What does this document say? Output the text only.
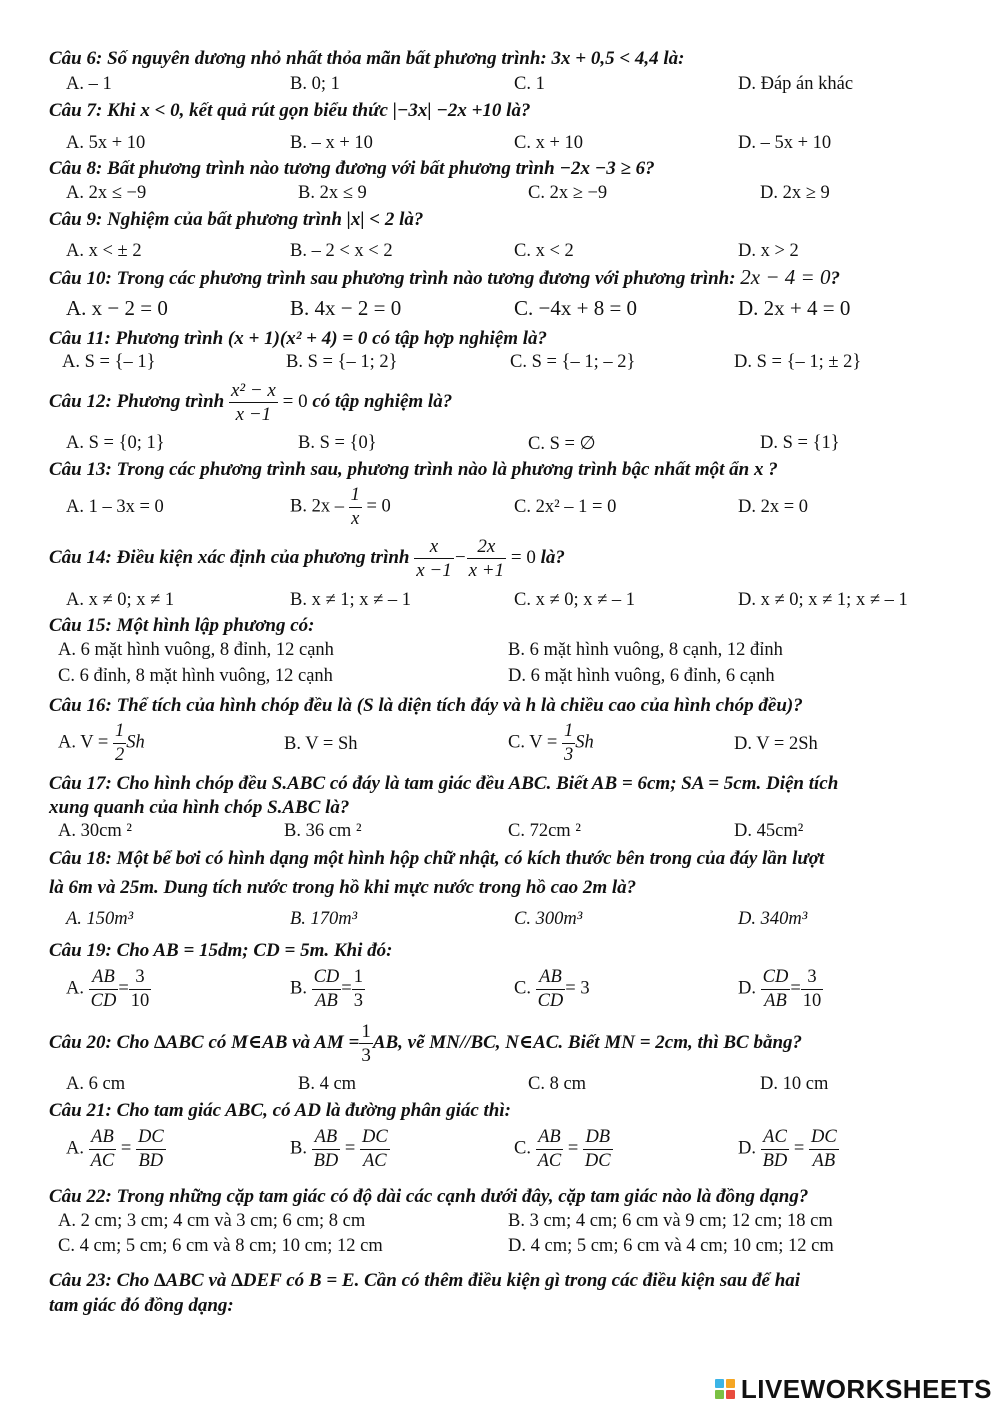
Câu 6: Số nguyên dương nhỏ nhất thỏa mãn bất phương trình: 3x + 0,5 < 4,4 là:
A. – 1	B. 0; 1	C. 1	D. Đáp án khác
Câu 7: Khi x < 0, kết quả rút gọn biểu thức |−3x| −2x +10 là?
A. 5x + 10	B. – x + 10	C. x + 10	D. – 5x + 10
Câu 8: Bất phương trình nào tương đương với bất phương trình −2x −3 ≥ 6?
A. 2x ≤ −9	B. 2x ≤ 9	C. 2x ≥ −9	D. 2x ≥ 9
Câu 9: Nghiệm của bất phương trình |x| < 2 là?
A. x < ± 2	B. – 2 < x < 2	C. x < 2	D. x > 2
Câu 10: Trong các phương trình sau phương trình nào tương đương với phương trình: 2x − 4 = 0?
A. x − 2 = 0	B. 4x − 2 = 0	C. −4x + 8 = 0	D. 2x + 4 = 0
Câu 11: Phương trình (x + 1)(x² + 4) = 0 có tập hợp nghiệm là?
A. S = {– 1}	B. S = {– 1; 2}	C. S = {– 1; – 2}	D. S = {– 1; ± 2}
Câu 12: Phương trình $\frac{\text{x² − x}}{x -1} = 0$ có tập nghiệm là?
A. S = {0; 1}	B. S = {0}	C. S = ∅	D. S = {1}
Câu 13: Trong các phương trình sau, phương trình nào là phương trình bậc nhất một ẩn x ?
A. 1 – 3x = 0	B. $2x - \frac{1}{x} = 0$	C. 2x² – 1 = 0	D. 2x = 0
Câu 14: Điều kiện xác định của phương trình $\frac{x}{x -1} - \frac{2x}{x +1} = 0$ là?
A. x ≠ 0; x ≠ 1	B. x ≠ 1; x ≠ – 1	C. x ≠ 0; x ≠ – 1	D. x ≠ 0; x ≠ 1; x ≠ – 1
Câu 15: Một hình lập phương có:
A. 6 mặt hình vuông, 8 đỉnh, 12 cạnh	B. 6 mặt hình vuông, 8 cạnh, 12 đỉnh
C. 6 đỉnh, 8 mặt hình vuông, 12 cạnh	D. 6 mặt hình vuông, 6 đỉnh, 6 cạnh
Câu 16: Thể tích của hình chóp đều là (S là diện tích đáy và h là chiều cao của hình chóp đều)?
A. $V = \frac{1}{2}$ Sh	B. V = Sh	C. $V = \frac{1}{3}$ Sh	D. V = 2Sh
Câu 17: Cho hình chóp đều S.ABC có đáy là tam giác đều ABC. Biết AB = 6cm; SA = 5cm. Diện tích
xung quanh của hình chóp S.ABC là?
A. 30cm ²	B. 36 cm ²	C. 72cm ²	D. 45cm²
Câu 18: Một bể bơi có hình dạng một hình hộp chữ nhật, có kích thước bên trong của đáy lần lượt
là 6m và 25m. Dung tích nước trong hồ khi mực nước trong hồ cao 2m là?
A. 150m³	B. 170m³	C. 300m³	D. 340m³
Câu 19: Cho AB = 15dm; CD = 5m. Khi đó:
A. $\frac{AB}{CD} = \frac{3}{10}$	B. $\frac{CD}{AB} = \frac{1}{3}$	C. $\frac{AB}{CD} = 3$	D. $\frac{CD}{AB} = \frac{3}{10}$
Câu 20: Cho ∆ABC có M∈AB và AM = $\frac{1}{3}$ AB, vẽ MN//BC, N∈AC. Biết MN = 2cm, thì BC bằng?
A. 6 cm	B. 4 cm	C. 8 cm	D. 10 cm
Câu 21: Cho tam giác ABC, có AD là đường phân giác thì:
A. $\frac{AB}{AC} = \frac{DC}{BD}$	B. $\frac{AB}{BD} = \frac{DC}{AC}$	C. $\frac{AB}{AC} = \frac{DB}{DC}$	D. $\frac{AC}{BD} = \frac{DC}{AB}$
Câu 22: Trong những cặp tam giác có độ dài các cạnh dưới đây, cặp tam giác nào là đồng dạng?
A. 2 cm; 3 cm; 4 cm và 3 cm; 6 cm; 8 cm	B. 3 cm; 4 cm; 6 cm và 9 cm; 12 cm; 18 cm
C. 4 cm; 5 cm; 6 cm và 8 cm; 10 cm; 12 cm	D. 4 cm; 5 cm; 6 cm và 4 cm; 10 cm; 12 cm
Câu 23: Cho ∆ABC và ∆DEF có B = E. Cần có thêm điều kiện gì trong các điều kiện sau để hai
tam giác đó đồng dạng:
LIVEWORKSHEETS
